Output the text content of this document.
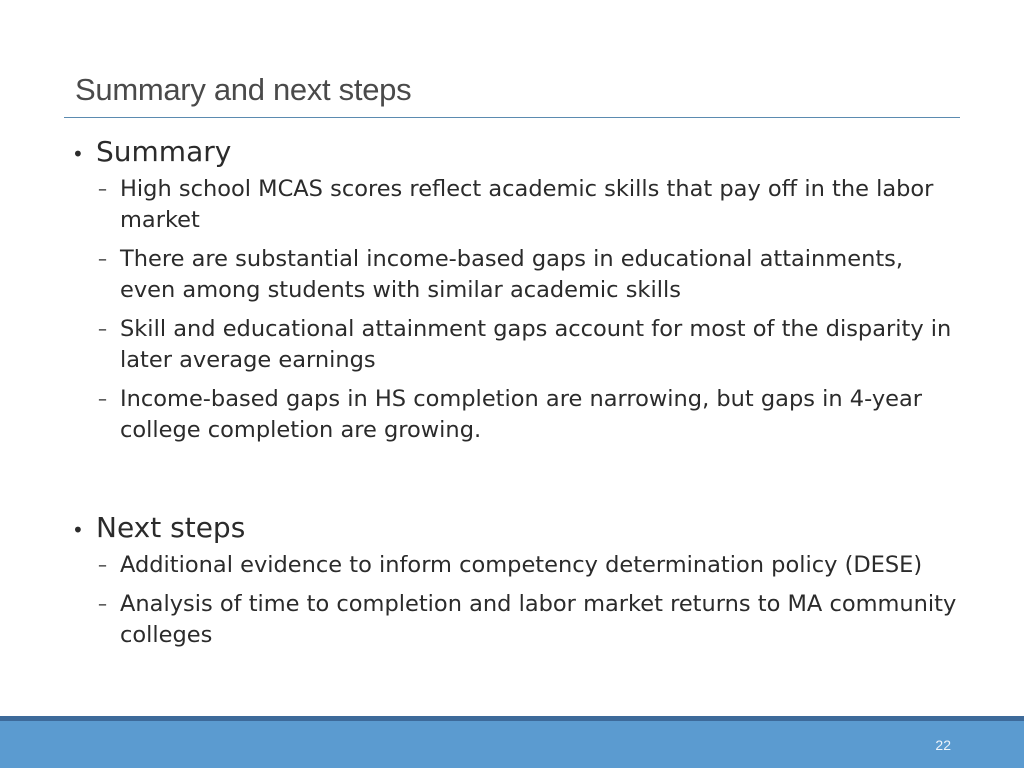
Summary and next steps
• Summary
– High school MCAS scores reflect academic skills that pay off in the labor market
– There are substantial income-based gaps in educational attainments, even among students with similar academic skills
– Skill and educational attainment gaps account for most of the disparity in later average earnings
– Income-based gaps in HS completion are narrowing, but gaps in 4-year college completion are growing.
• Next steps
– Additional evidence to inform competency determination policy (DESE)
– Analysis of time to completion and labor market returns to MA community colleges
22
